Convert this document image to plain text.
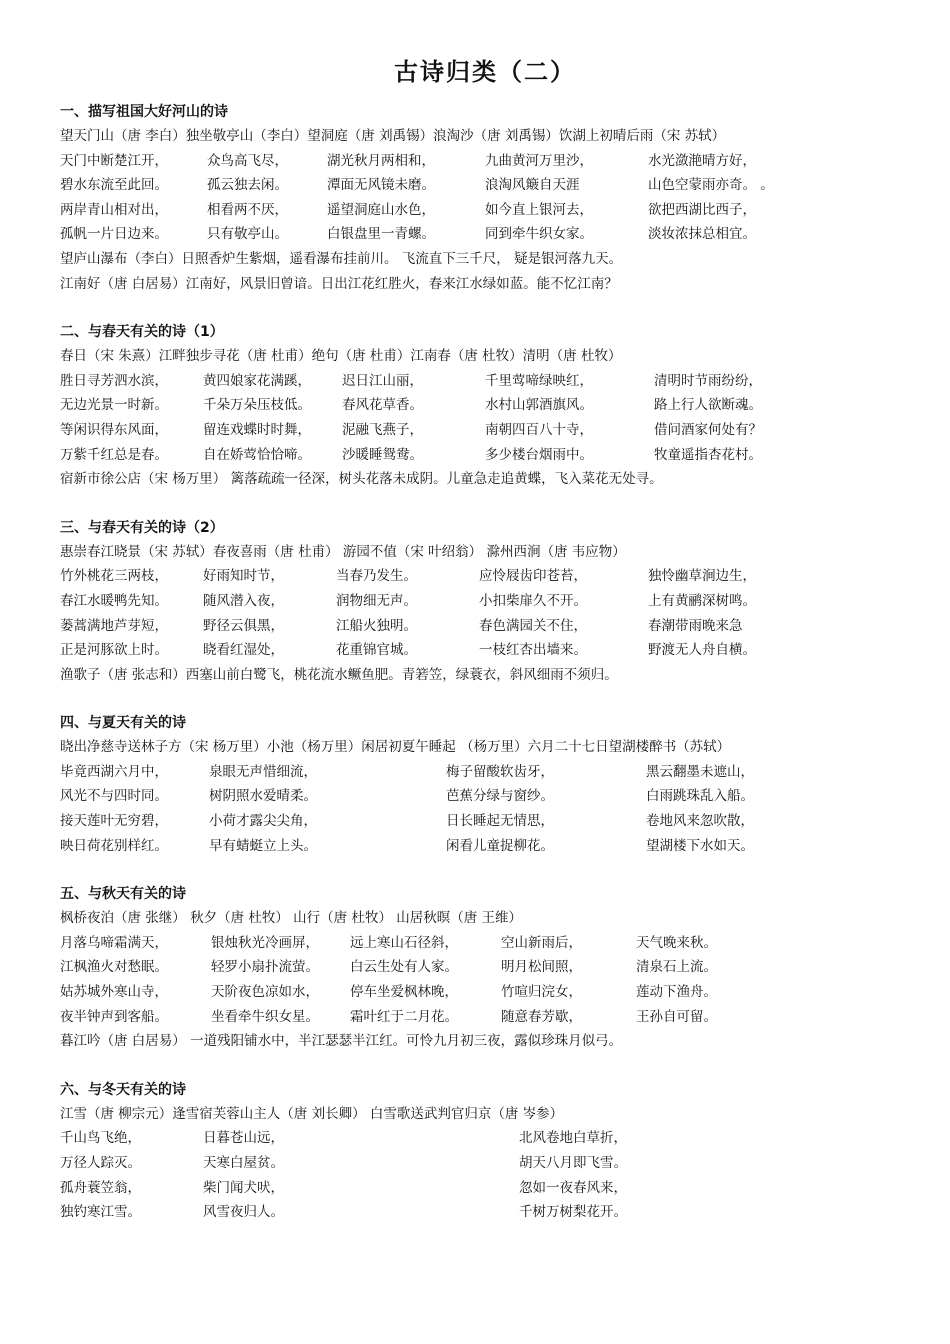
古诗归类（二）
一、描写祖国大好河山的诗
望天门山（唐 李白）独坐敬亭山（李白）望洞庭（唐 刘禹锡）浪淘沙（唐 刘禹锡）饮湖上初晴后雨（宋 苏轼）
天门中断楚江开，	众鸟高飞尽，	湖光秋月两相和，	九曲黄河万里沙，	水光潋滟晴方好，
碧水东流至此回。	孤云独去闲。	潭面无风镜未磨。	浪淘风簸自天涯	山色空蒙雨亦奇。 。
两岸青山相对出，	相看两不厌，	遥望洞庭山水色，	如今直上银河去，	欲把西湖比西子，
孤帆一片日边来。	只有敬亭山。	白银盘里一青螺。	同到牵牛织女家。	淡妆浓抹总相宜。
望庐山瀑布（李白）日照香炉生紫烟，遥看瀑布挂前川。 飞流直下三千尺， 疑是银河落九天。
江南好（唐 白居易）江南好，风景旧曾谙。日出江花红胜火，春来江水绿如蓝。能不忆江南？
二、与春天有关的诗（1）
春日（宋 朱熹）江畔独步寻花（唐 杜甫）绝句（唐 杜甫）江南春（唐 杜牧）清明（唐 杜牧）
胜日寻芳泗水滨，	黄四娘家花满蹊， 迟日江山丽，	千里莺啼绿映红，	清明时节雨纷纷，
无边光景一时新。	千朵万朵压枝低。 春风花草香。	水村山郭酒旗风。	路上行人欲断魂。
等闲识得东风面，	留连戏蝶时时舞， 泥融飞燕子，	南朝四百八十寺，	借问酒家何处有？
万紫千红总是春。	自在娇莺恰恰啼。 沙暖睡鸳鸯。	多少楼台烟雨中。	牧童遥指杏花村。
宿新市徐公店（宋 杨万里） 篱落疏疏一径深，树头花落未成阴。儿童急走追黄蝶，飞入菜花无处寻。
三、与春天有关的诗（2）
惠崇春江晓景（宋 苏轼）春夜喜雨（唐 杜甫） 游园不值（宋 叶绍翁） 滁州西涧（唐 韦应物）
竹外桃花三两枝，	好雨知时节，	当春乃发生。	应怜屐齿印苍苔，	独怜幽草涧边生，
春江水暖鸭先知。	随风潜入夜，	润物细无声。	小扣柴扉久不开。	上有黄鹂深树鸣。
蒌蒿满地芦芽短，	野径云俱黑，	江船火独明。	春色满园关不住，	春潮带雨晚来急
正是河豚欲上时。	晓看红湿处，	花重锦官城。	一枝红杏出墙来。	野渡无人舟自横。
渔歌子（唐 张志和）西塞山前白鹭飞，桃花流水鳜鱼肥。青箬笠，绿蓑衣，斜风细雨不须归。
四、与夏天有关的诗
晓出净慈寺送林子方（宋 杨万里）小池（杨万里）闲居初夏午睡起 （杨万里）六月二十七日望湖楼醉书（苏轼）
毕竟西湖六月中，	泉眼无声惜细流，	梅子留酸软齿牙，	黑云翻墨未遮山，
风光不与四时同。	树阴照水爱晴柔。	芭蕉分绿与窗纱。	白雨跳珠乱入船。
接天莲叶无穷碧，	小荷才露尖尖角，	日长睡起无情思，	卷地风来忽吹散，
映日荷花别样红。	早有蜻蜓立上头。	闲看儿童捉柳花。	望湖楼下水如天。
五、与秋天有关的诗
枫桥夜泊（唐 张继） 秋夕（唐 杜牧） 山行（唐 杜牧） 山居秋暝（唐 王维）
月落乌啼霜满天，	银烛秋光冷画屏， 远上寒山石径斜，	空山新雨后，	天气晚来秋。
江枫渔火对愁眠。	轻罗小扇扑流萤。 白云生处有人家。	明月松间照，	清泉石上流。
姑苏城外寒山寺，	天阶夜色凉如水， 停车坐爱枫林晚，	竹喧归浣女，	莲动下渔舟。
夜半钟声到客船。	坐看牵牛织女星。 霜叶红于二月花。	随意春芳歇，	王孙自可留。
暮江吟（唐 白居易） 一道残阳铺水中，半江瑟瑟半江红。可怜九月初三夜，露似珍珠月似弓。
六、与冬天有关的诗
江雪（唐 柳宗元）逢雪宿芙蓉山主人（唐 刘长卿） 白雪歌送武判官归京（唐 岑参）
千山鸟飞绝，	日暮苍山远，	北风卷地白草折，
万径人踪灭。	天寒白屋贫。	胡天八月即飞雪。
孤舟蓑笠翁，	柴门闻犬吠，	忽如一夜春风来，
独钓寒江雪。	风雪夜归人。	千树万树梨花开。
